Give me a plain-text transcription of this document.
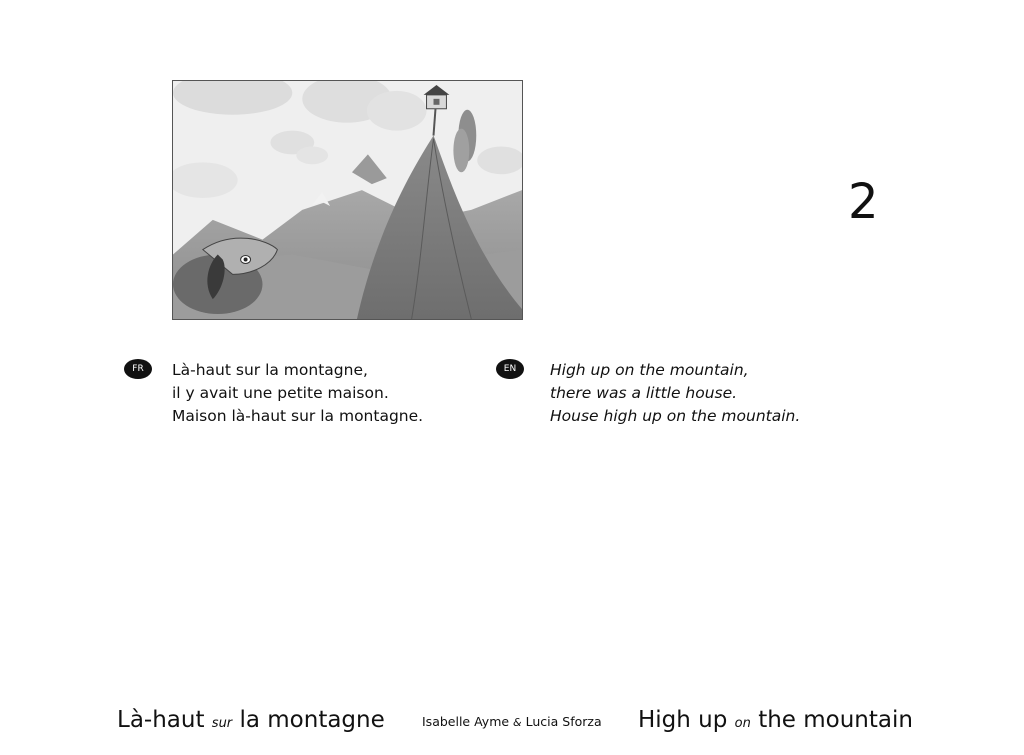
2
FR	Là-haut sur la montagne,
il y avait une petite maison.
Maison là-haut sur la montagne.
EN	High up on the mountain,
there was a little house.
House high up on the mountain.
Là-haut sur la montagne	Isabelle Ayme & Lucia Sforza High up on the mountain
